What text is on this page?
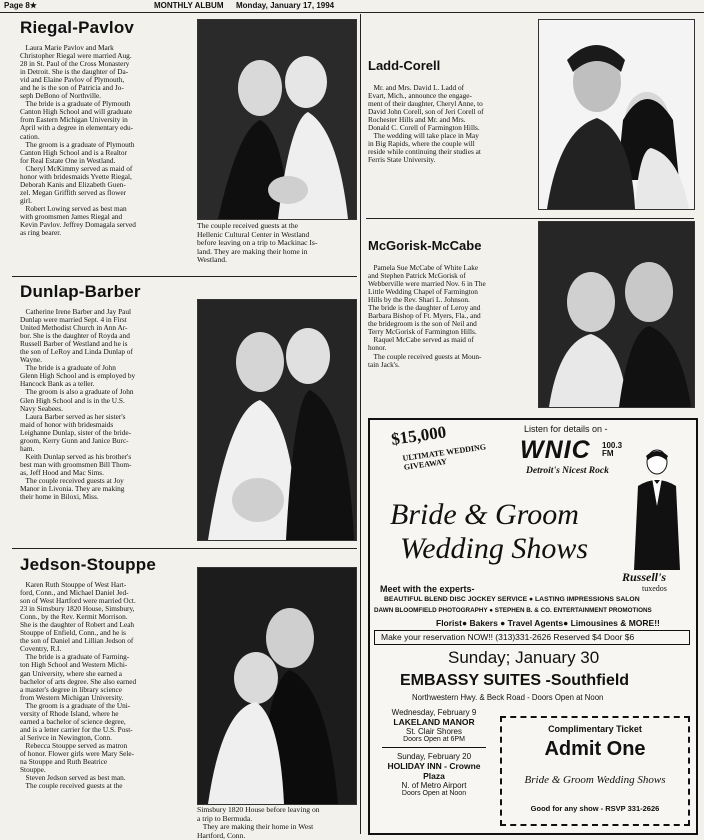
Page 8★	MONTHLY ALBUM Monday, January 17, 1994
Riegal-Pavlov
Laura Marie Pavlov and Mark
Christopher Riegal were married Aug.
28 in St. Paul of the Cross Monastery
in Detroit. She is the daughter of Da-
vid and Elaine Pavlov of Plymouth,
and he is the son of Patricia and Jo-
seph DeBono of Northville.
The bride is a graduate of Plymouth
Canton High School and will graduate
from Eastern Michigan University in
April with a degree in elementary edu-
cation.
The groom is a graduate of Plymouth
Canton High School and is a Realtor
for Real Estate One in Westland.
Cheryl McKimmy served as maid of
honor with bridesmaids Yvette Riegal,
Deborah Kanis and Elizabeth Guen-
zel. Megan Griffith served as flower
girl.
Robert Lowing served as best man
with groomsmen James Riegal and
Kevin Pavlov. Jeffrey Domagala served
as ring bearer.
The couple received guests at the
Hellenic Cultural Center in Westland
before leaving on a trip to Mackinac Is-
land. They are making their home in
Westland.
Dunlap-Barber
Catherine Irene Barber and Jay Paul
Dunlap were married Sept. 4 in First
United Methodist Church in Ann Ar-
bor. She is the daughter of Royda and
Russell Barber of Westland and he is
the son of LeRoy and Linda Dunlap of
Wayne.
The bride is a graduate of John
Glenn High School and is employed by
Hancock Bank as a teller.
The groom is also a graduate of John
Glen High School and is in the U.S.
Navy Seabees.
Laura Barber served as her sister's
maid of honor with bridesmaids
Leighanne Dunlap, sister of the bride-
groom, Kerry Gunn and Janice Burc-
ham.
Keith Dunlap served as his brother's
best man with groomsmen Bill Thom-
as, Jeff Hood and Mac Sims.
The couple received guests at Joy
Manor in Livonia. They are making
their home in Biloxi, Miss.
Jedson-Stouppe
Karen Ruth Stouppe of West Hart-
ford, Conn., and Michael Daniel Jed-
son of West Hartford were married Oct.
23 in Simsbury 1820 House, Simsbury,
Conn., by the Rev. Kermit Morrison.
She is the daughter of Robert and Leah
Stouppe of Enfield, Conn., and he is
the son of Daniel and Lillian Jedson of
Coventry, R.I.
The bride is a graduate of Farming-
ton High School and Western Michi-
gan University, where she earned a
bachelor of arts degree. She also earned
a master's degree in library science
from Western Michigan University.
The groom is a graduate of the Uni-
versity of Rhode Island, where he
earned a bachelor of science degree,
and is a letter carrier for the U.S. Post-
al Serivce in Newington, Conn.
Rebecca Stouppe served as matron
of honor. Flower girls were Mary Sele-
na Stouppe and Ruth Beatrice
Stouppe.
Steven Jedson served as best man.
The couple received guests at the
Simsbury 1820 House before leaving on
a trip to Bermuda.
They are making their home in West
Hartford, Conn.
Ladd-Corell
Mr. and Mrs. David L. Ladd of
Evart, Mich., announce the engage-
ment of their daughter, Cheryl Anne, to
David John Corell, son of Jeri Corell of
Rochester Hills and Mr. and Mrs.
Donald C. Corell of Farmington Hills.
The wedding will take place in May
in Big Rapids, where the couple will
reside while continuing their studies at
Ferris State University.
McGorisk-McCabe
Pamela Sue McCabe of White Lake
and Stephen Patrick McGorisk of
Webberville were married Nov. 6 in The
Little Wedding Chapel of Farmington
Hills by the Rev. Shari L. Johnson.
The bride is the daughter of Leroy and
Barbara Bishop of Ft. Myers, Fla., and
the bridegroom is the son of Neil and
Terry McGorisk of Farmington Hills.
Raquel McCabe served as maid of
honor.
The couple received guests at Moun-
tain Jack's.
$15,000
ULTIMATE WEDDING GIVEAWAY
Listen for details on -
WNIC 100.3 FM
Detroit's Nicest Rock
Bride & Groom
Wedding Shows
Russell's
tuxedos
Meet with the experts-
BEAUTIFUL BLEND DISC JOCKEY SERVICE ● LASTING IMPRESSIONS SALON
DAWN BLOOMFIELD PHOTOGRAPHY ● STEPHEN B. & CO. ENTERTAINMENT PROMOTIONS
Florist● Bakers ● Travel Agents● Limousines & MORE!!
Make your reservation NOW!! (313)331-2626 Reserved $4 Door $6
Sunday; January 30
EMBASSY SUITES -Southfield
Northwestern Hwy. & Beck Road - Doors Open at Noon
Wednesday, February 9
LAKELAND MANOR
St. Clair Shores
Doors Open at 6PM
Sunday, February 20
HOLIDAY INN - Crowne Plaza
N. of Metro Airport
Doors Open at Noon
Complimentary Ticket
Admit One
Bride & Groom Wedding Shows
Good for any show - RSVP 331-2626
